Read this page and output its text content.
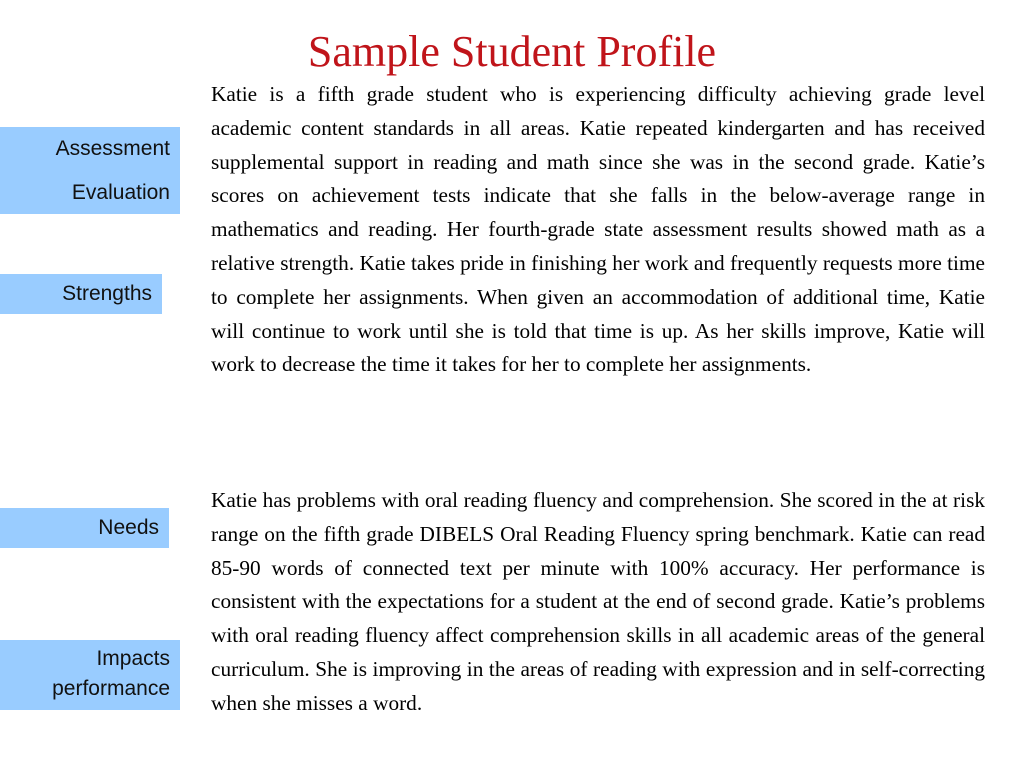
Sample Student Profile
Assessment
Evaluation
Strengths
Needs
Impacts
performance

Katie is a fifth grade student who is experiencing difficulty achieving grade level academic content standards in all areas. Katie repeated kindergarten and has received supplemental support in reading and math since she was in the second grade. Katie’s scores on achievement tests indicate that she falls in the below-average range in mathematics and reading. Her fourth-grade state assessment results showed math as a relative strength. Katie takes pride in finishing her work and frequently requests more time to complete her assignments. When given an accommodation of additional time, Katie will continue to work until she is told that time is up. As her skills improve, Katie will work to decrease the time it takes for her to complete her assignments.

Katie has problems with oral reading fluency and comprehension. She scored in the at risk range on the fifth grade DIBELS Oral Reading Fluency spring benchmark. Katie can read 85-90 words of connected text per minute with 100% accuracy. Her performance is consistent with the expectations for a student at the end of second grade. Katie’s problems with oral reading fluency affect comprehension skills in all academic areas of the general curriculum. She is improving in the areas of reading with expression and in self-correcting when she misses a word.
